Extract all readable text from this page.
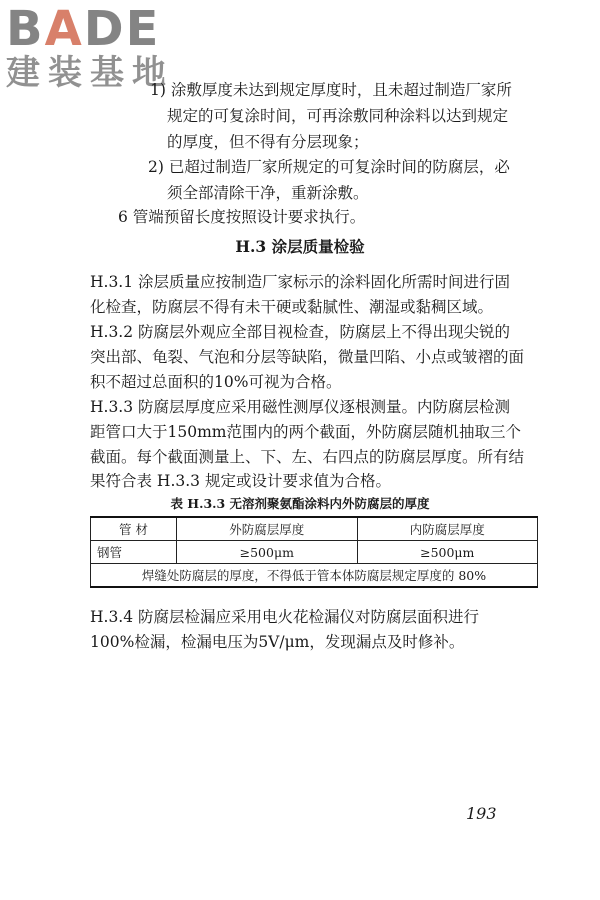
BADE
建装基地
1) 涂敷厚度未达到规定厚度时，且未超过制造厂家所
规定的可复涂时间，可再涂敷同种涂料以达到规定
的厚度，但不得有分层现象；
2) 已超过制造厂家所规定的可复涂时间的防腐层，必
须全部清除干净，重新涂敷。
6 管端预留长度按照设计要求执行。
H.3 涂层质量检验
H.3.1 涂层质量应按制造厂家标示的涂料固化所需时间进行固
化检查，防腐层不得有未干硬或黏腻性、潮湿或黏稠区域。
H.3.2 防腐层外观应全部目视检查，防腐层上不得出现尖锐的
突出部、龟裂、气泡和分层等缺陷，微量凹陷、小点或皱褶的面
积不超过总面积的10%可视为合格。
H.3.3 防腐层厚度应采用磁性测厚仪逐根测量。内防腐层检测
距管口大于150mm范围内的两个截面，外防腐层随机抽取三个
截面。每个截面测量上、下、左、右四点的防腐层厚度。所有结
果符合表 H.3.3 规定或设计要求值为合格。
表 H.3.3 无溶剂聚氨酯涂料内外防腐层的厚度
管 材	外防腐层厚度	内防腐层厚度
钢管	≥500μm	≥500μm
焊缝处防腐层的厚度，不得低于管本体防腐层规定厚度的 80%		
H.3.4 防腐层检漏应采用电火花检漏仪对防腐层面积进行
100%检漏，检漏电压为5V/μm，发现漏点及时修补。
193
